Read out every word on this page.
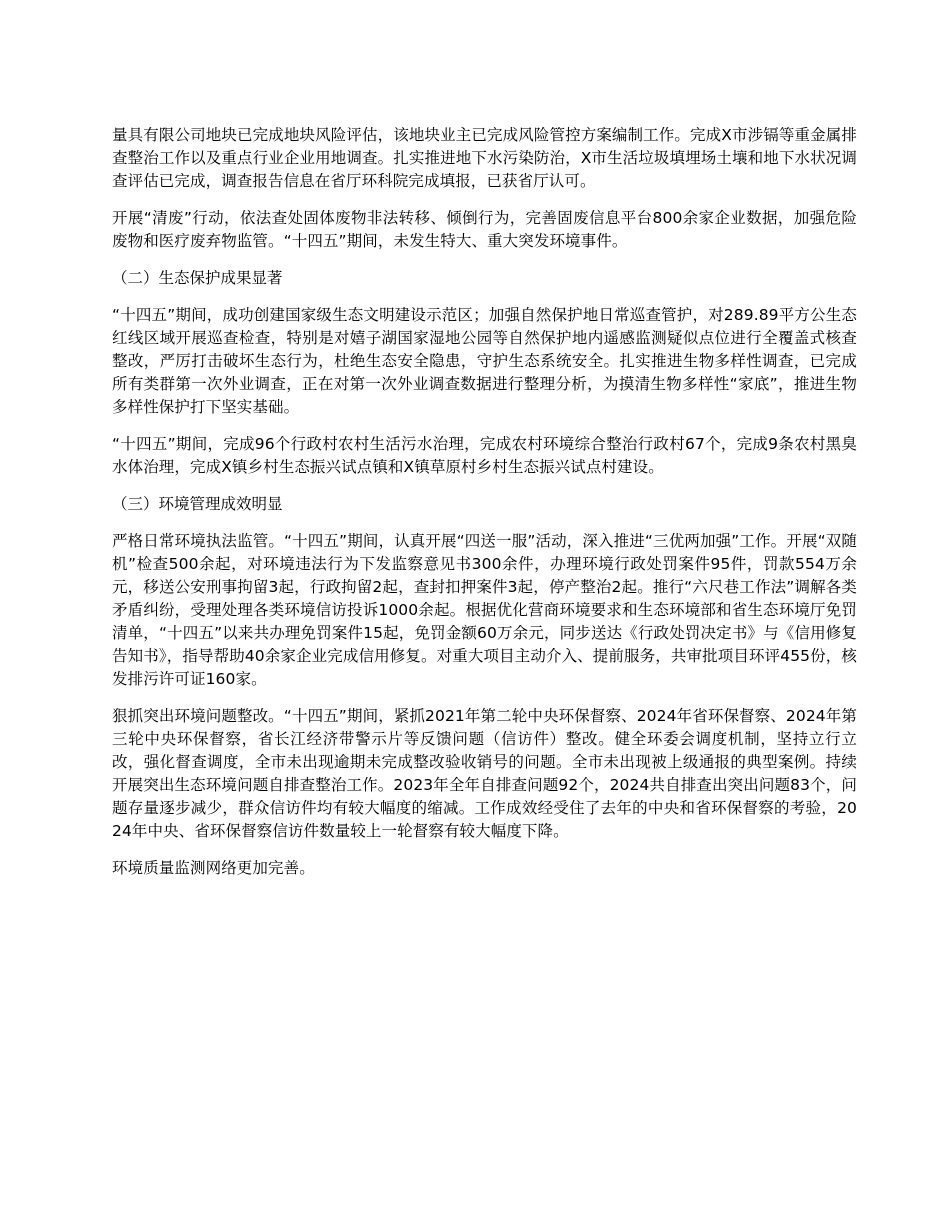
量具有限公司地块已完成地块风险评估，该地块业主已完成风险管控方案编制工作。完成X市涉镉等重金属排查整治工作以及重点行业企业用地调查。扎实推进地下水污染防治，X市生活垃圾填埋场土壤和地下水状况调查评估已完成，调查报告信息在省厅环科院完成填报，已获省厅认可。

开展“清废”行动，依法查处固体废物非法转移、倾倒行为，完善固废信息平台800余家企业数据，加强危险废物和医疗废弃物监管。“十四五”期间，未发生特大、重大突发环境事件。

（二）生态保护成果显著

“十四五”期间，成功创建国家级生态文明建设示范区；加强自然保护地日常巡查管护，对289.89平方公生态红线区域开展巡查检查，特别是对嬉子湖国家湿地公园等自然保护地内遥感监测疑似点位进行全覆盖式核查整改，严厉打击破坏生态行为，杜绝生态安全隐患，守护生态系统安全。扎实推进生物多样性调查，已完成所有类群第一次外业调查，正在对第一次外业调查数据进行整理分析，为摸清生物多样性“家底”，推进生物多样性保护打下坚实基础。

“十四五”期间，完成96个行政村农村生活污水治理，完成农村环境综合整治行政村67个，完成9条农村黑臭水体治理，完成X镇乡村生态振兴试点镇和X镇草原村乡村生态振兴试点村建设。

（三）环境管理成效明显

严格日常环境执法监管。“十四五”期间，认真开展“四送一服”活动，深入推进“三优两加强”工作。开展“双随机”检查500余起，对环境违法行为下发监察意见书300余件，办理环境行政处罚案件95件，罚款554万余元，移送公安刑事拘留3起，行政拘留2起，查封扣押案件3起，停产整治2起。推行“六尺巷工作法”调解各类矛盾纠纷，受理处理各类环境信访投诉1000余起。根据优化营商环境要求和生态环境部和省生态环境厅免罚清单，“十四五”以来共办理免罚案件15起，免罚金额60万余元，同步送达《行政处罚决定书》与《信用修复告知书》，指导帮助40余家企业完成信用修复。对重大项目主动介入、提前服务，共审批项目环评455份，核发排污许可证160家。

狠抓突出环境问题整改。“十四五”期间，紧抓2021年第二轮中央环保督察、2024年省环保督察、2024年第三轮中央环保督察，省长江经济带警示片等反馈问题（信访件）整改。健全环委会调度机制，坚持立行立改，强化督查调度，全市未出现逾期未完成整改验收销号的问题。全市未出现被上级通报的典型案例。持续开展突出生态环境问题自排查整治工作。2023年全年自排查问题92个，2024共自排查出突出问题83个，问题存量逐步减少，群众信访件均有较大幅度的缩减。工作成效经受住了去年的中央和省环保督察的考验，2024年中央、省环保督察信访件数量较上一轮督察有较大幅度下降。

环境质量监测网络更加完善。
